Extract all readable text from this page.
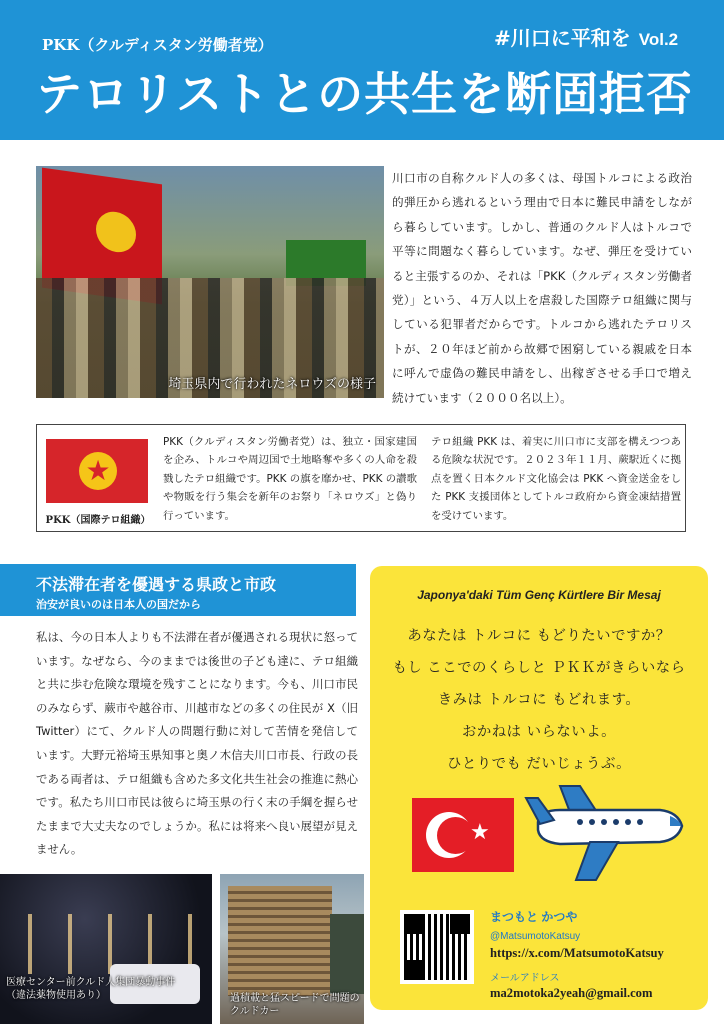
PKK（クルディスタン労働者党）	#川口に平和を Vol.2
テロリストとの共生を断固拒否
埼玉県内で行われたネロウズの様子
川口市の自称クルド人の多くは、母国トルコによる政治的弾圧から逃れるという理由で日本に難民申請をしながら暮らしています。しかし、普通のクルド人はトルコで平等に問題なく暮らしています。なぜ、弾圧を受けていると主張するのか、それは「PKK（クルディスタン労働者党）」という、４万人以上を虐殺した国際テロ組織に関与している犯罪者だからです。トルコから逃れたテロリストが、２０年ほど前から故郷で困窮している親戚を日本に呼んで虚偽の難民申請をし、出稼ぎさせる手口で増え続けています（２０００名以上）。
★
PKK（国際テロ組織）
PKK（クルディスタン労働者党）は、独立・国家建国を企み、トルコや周辺国で土地略奪や多くの人命を殺戮したテロ組織です。PKK の旗を靡かせ、PKK の讃歌や物販を行う集会を新年のお祭り「ネロウズ」と偽り行っています。
テロ組織 PKK は、着実に川口市に支部を構えつつある危険な状況です。２０２３年１１月、蕨駅近くに拠点を置く日本クルド文化協会は PKK へ資金送金をした PKK 支援団体としてトルコ政府から資金凍結措置を受けています。
不法滞在者を優遇する県政と市政
治安が良いのは日本人の国だから
私は、今の日本人よりも不法滞在者が優遇される現状に怒っています。なぜなら、今のままでは後世の子ども達に、テロ組織と共に歩む危険な環境を残すことになります。今も、川口市民のみならず、蕨市や越谷市、川越市などの多くの住民が X（旧 Twitter）にて、クルド人の問題行動に対して苦情を発信しています。大野元裕埼玉県知事と奥ノ木信夫川口市長、行政の長である両者は、テロ組織も含めた多文化共生社会の推進に熱心です。私たち川口市民は彼らに埼玉県の行く末の手綱を握らせたままで大丈夫なのでしょうか。私には将来へ良い展望が見えません。
医療センター前クルド人集団暴動事件
（違法薬物使用あり）	過積載と猛スピードで問題の
クルドカー
Japonya'daki Tüm Genç Kürtlere Bir Mesaj
あなたは トルコに もどりたいですか？
もし ここでのくらしと ＰＫＫがきらいなら
きみは トルコに もどれます。
おかねは いらないよ。
ひとりでも だいじょうぶ。
★
まつもと かつや
@MatsumotoKatsuy
https://x.com/MatsumotoKatsuy
メールアドレス
ma2motoka2yeah@gmail.com
